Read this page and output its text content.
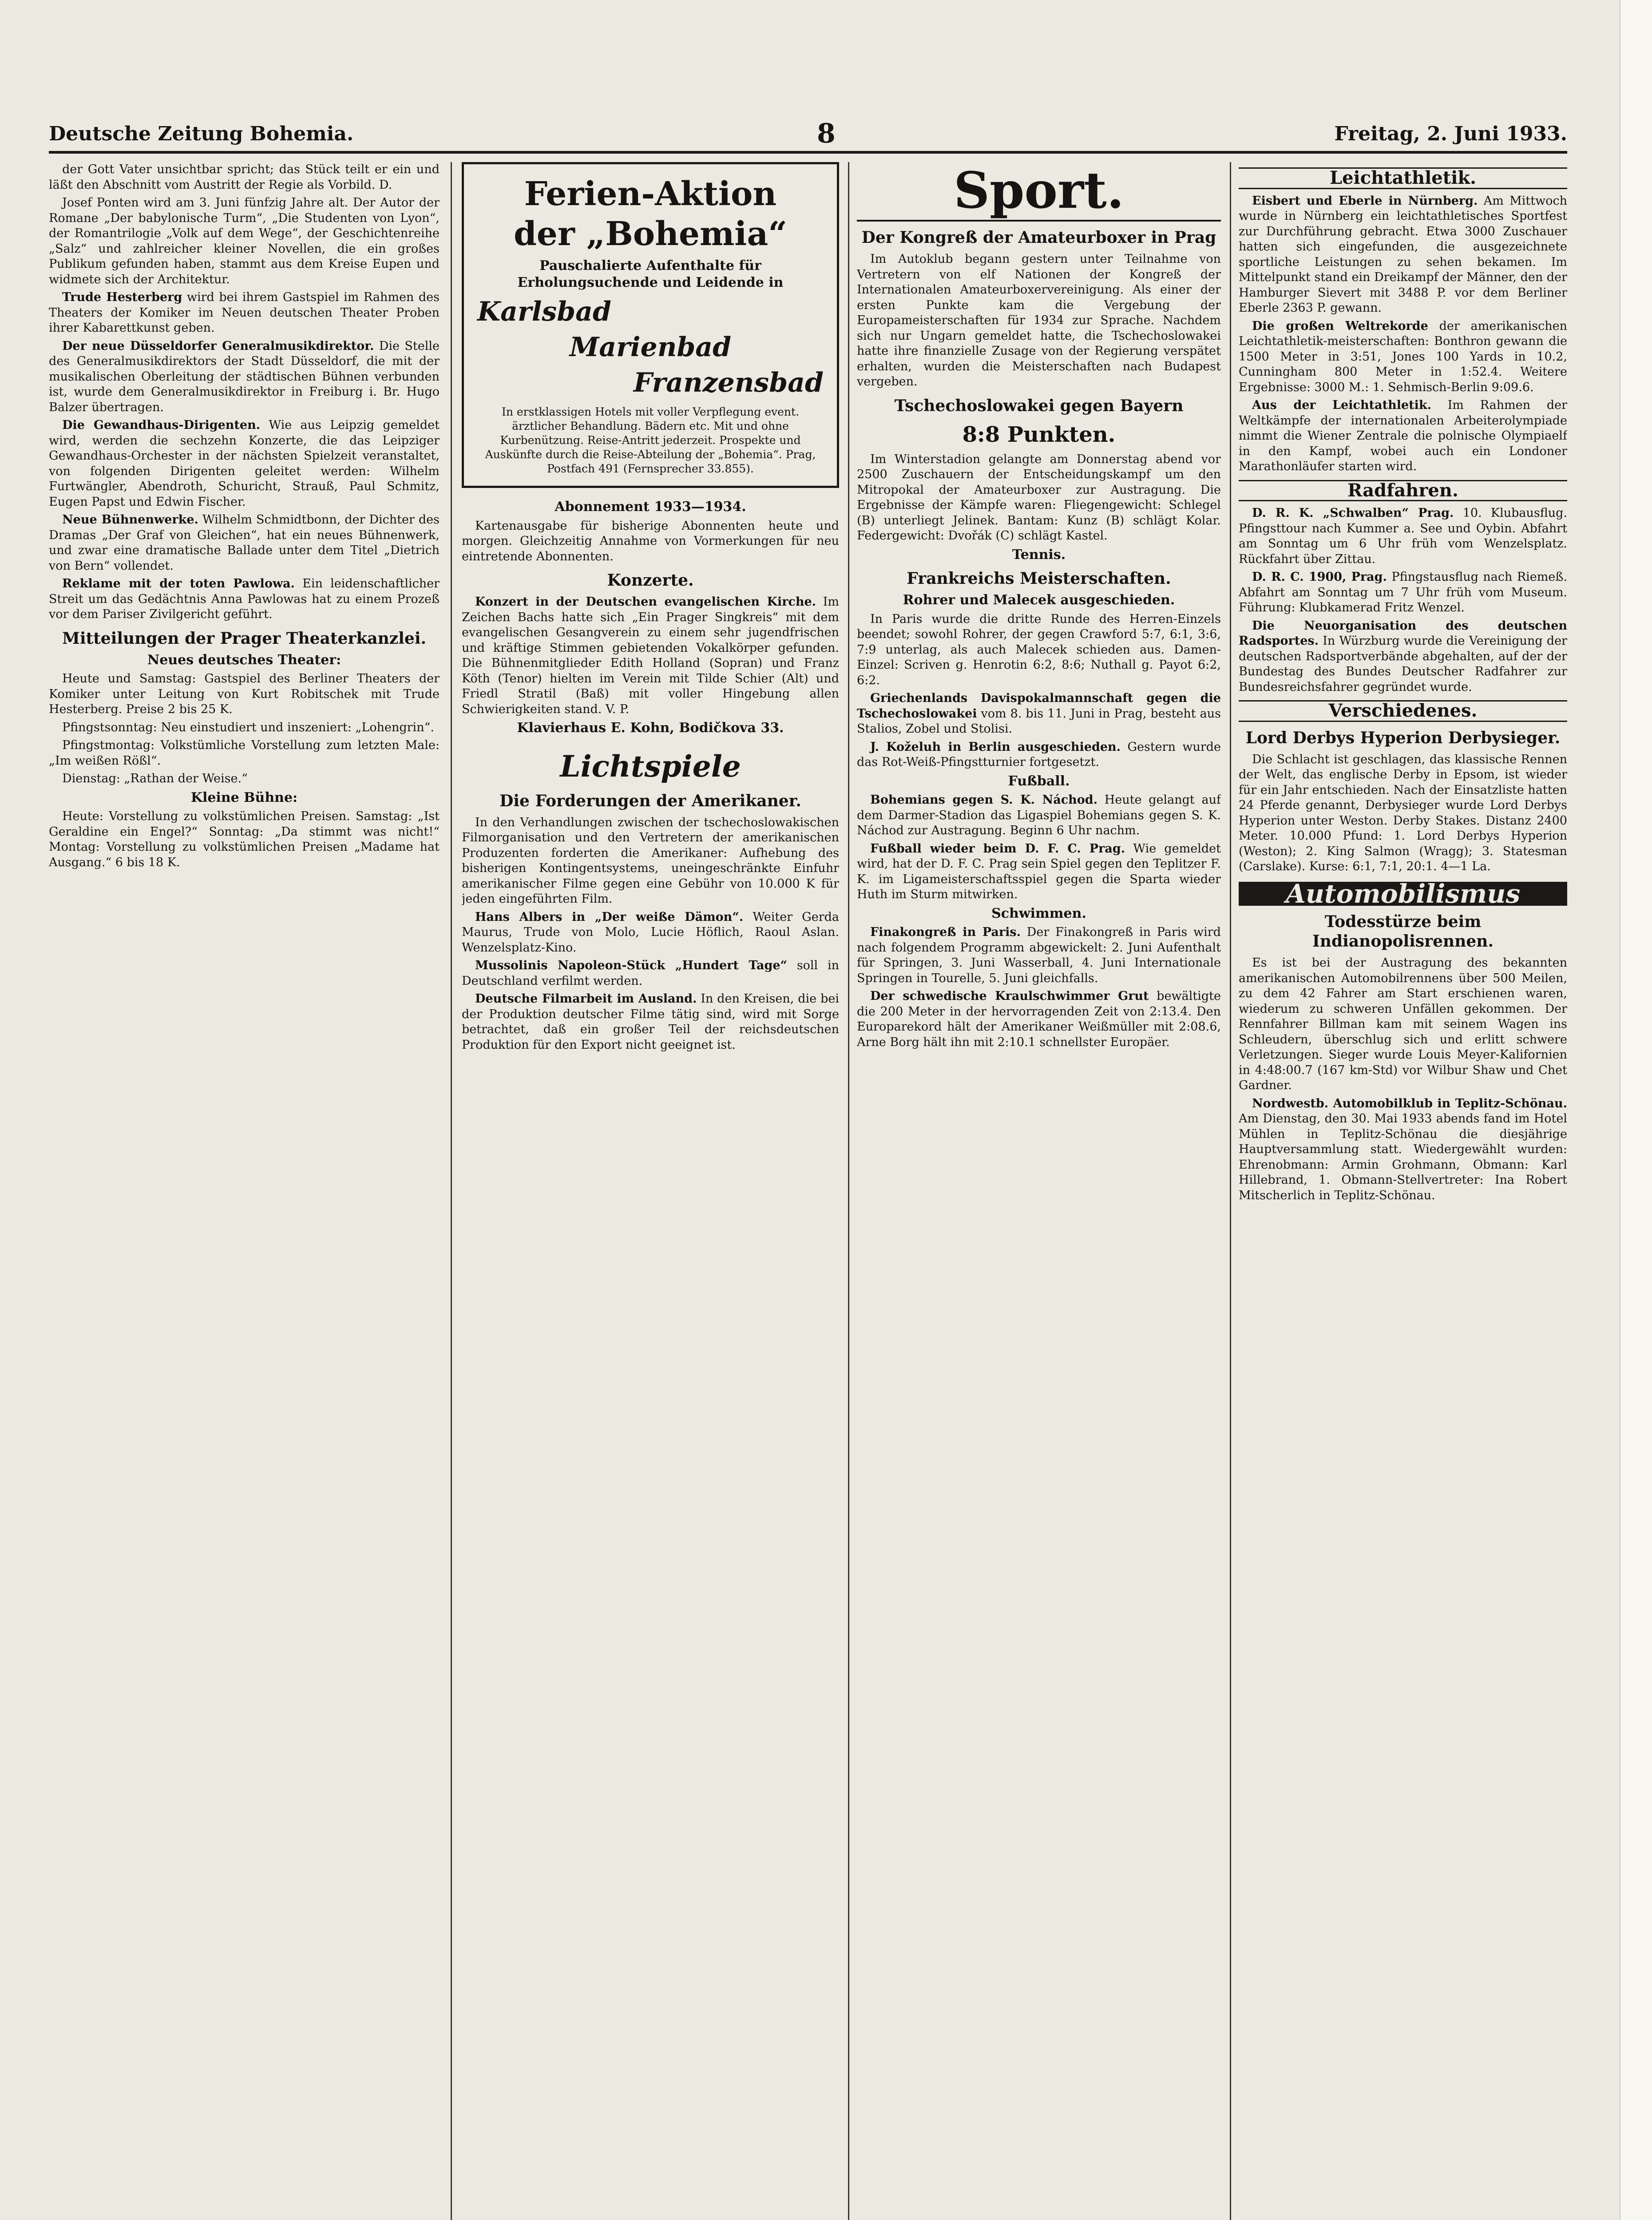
Deutsche Zeitung Bohemia.	8	Freitag, 2. Juni 1933.

der Gott Vater unsichtbar spricht; das Stück teilt er ein und läßt den Abschnitt vom Austritt der Regie als Vorbild. D.

Josef Ponten wird am 3. Juni fünfzig Jahre alt. Der Autor der Romane „Der babylonische Turm“, „Die Studenten von Lyon“, der Romantrilogie „Volk auf dem Wege“, der Geschichtenreihe „Salz“ und zahlreicher kleiner Novellen, die ein großes Publikum gefunden haben, stammt aus dem Kreise Eupen und widmete sich der Architektur.

Trude Hesterberg wird bei ihrem Gastspiel im Rahmen des Theaters der Komiker im Neuen deutschen Theater Proben ihrer Kabarettkunst geben.

Der neue Düsseldorfer Generalmusikdirektor. Die Stelle des Generalmusikdirektors der Stadt Düsseldorf, die mit der musikalischen Oberleitung der städtischen Bühnen verbunden ist, wurde dem Generalmusikdirektor in Freiburg i. Br. Hugo Balzer übertragen.

Die Gewandhaus-Dirigenten. Wie aus Leipzig gemeldet wird, werden die sechzehn Konzerte, die das Leipziger Gewandhaus-Orchester in der nächsten Spielzeit veranstaltet, von folgenden Dirigenten geleitet werden: Wilhelm Furtwängler, Abendroth, Schuricht, Strauß, Paul Schmitz, Eugen Papst und Edwin Fischer.

Neue Bühnenwerke. Wilhelm Schmidtbonn, der Dichter des Dramas „Der Graf von Gleichen“, hat ein neues Bühnenwerk, und zwar eine dramatische Ballade unter dem Titel „Dietrich von Bern“ vollendet.

Reklame mit der toten Pawlowa. Ein leidenschaftlicher Streit um das Gedächtnis Anna Pawlowas hat zu einem Prozeß vor dem Pariser Zivilgericht geführt.

Mitteilungen der Prager Theaterkanzlei.
Neues deutsches Theater:

Heute und Samstag: Gastspiel des Berliner Theaters der Komiker unter Leitung von Kurt Robitschek mit Trude Hesterberg. Preise 2 bis 25 K.

Pfingstsonntag: Neu einstudiert und inszeniert: „Lohengrin“.

Pfingstmontag: Volkstümliche Vorstellung zum letzten Male: „Im weißen Rößl“.

Dienstag: „Rathan der Weise.“

Kleine Bühne:

Heute: Vorstellung zu volkstümlichen Preisen. Samstag: „Ist Geraldine ein Engel?“ Sonntag: „Da stimmt was nicht!“ Montag: Vorstellung zu volkstümlichen Preisen „Madame hat Ausgang.“ 6 bis 18 K.

Ferien-Aktion
der „Bohemia“
Pauschalierte Aufenthalte für Erholungsuchende und Leidende in
Karlsbad
Marienbad
Franzensbad
In erstklassigen Hotels mit voller Verpflegung event. ärztlicher Behandlung. Bädern etc. Mit und ohne Kurbenützung. Reise-Antritt jederzeit. Prospekte und Auskünfte durch die Reise-Abteilung der „Bohemia“. Prag, Postfach 491 (Fernsprecher 33.855).
Abonnement 1933—1934.

Kartenausgabe für bisherige Abonnenten heute und morgen. Gleichzeitig Annahme von Vormerkungen für neu eintretende Abonnenten.

Konzerte.

Konzert in der Deutschen evangelischen Kirche. Im Zeichen Bachs hatte sich „Ein Prager Singkreis“ mit dem evangelischen Gesangverein zu einem sehr jugendfrischen und kräftige Stimmen gebietenden Vokalkörper gefunden. Die Bühnenmitglieder Edith Holland (Sopran) und Franz Köth (Tenor) hielten im Verein mit Tilde Schier (Alt) und Friedl Stratil (Baß) mit voller Hingebung allen Schwierigkeiten stand. V. P.

Klavierhaus E. Kohn, Bodičkova 33.
Lichtspiele
Die Forderungen der Amerikaner.

In den Verhandlungen zwischen der tschechoslowakischen Filmorganisation und den Vertretern der amerikanischen Produzenten forderten die Amerikaner: Aufhebung des bisherigen Kontingentsystems, uneingeschränkte Einfuhr amerikanischer Filme gegen eine Gebühr von 10.000 K für jeden eingeführten Film.

Hans Albers in „Der weiße Dämon“. Weiter Gerda Maurus, Trude von Molo, Lucie Höflich, Raoul Aslan. Wenzelsplatz-Kino.

Mussolinis Napoleon-Stück „Hundert Tage“ soll in Deutschland verfilmt werden.

Deutsche Filmarbeit im Ausland. In den Kreisen, die bei der Produktion deutscher Filme tätig sind, wird mit Sorge betrachtet, daß ein großer Teil der reichsdeutschen Produktion für den Export nicht geeignet ist.

Sport.
Der Kongreß der Amateurboxer in Prag

Im Autoklub begann gestern unter Teilnahme von Vertretern von elf Nationen der Kongreß der Internationalen Amateurboxervereinigung. Als einer der ersten Punkte kam die Vergebung der Europameisterschaften für 1934 zur Sprache. Nachdem sich nur Ungarn gemeldet hatte, die Tschechoslowakei hatte ihre finanzielle Zusage von der Regierung verspätet erhalten, wurden die Meisterschaften nach Budapest vergeben.

Tschechoslowakei gegen Bayern
8:8 Punkten.

Im Winterstadion gelangte am Donnerstag abend vor 2500 Zuschauern der Entscheidungskampf um den Mitropokal der Amateurboxer zur Austragung. Die Ergebnisse der Kämpfe waren: Fliegengewicht: Schlegel (B) unterliegt Jelinek. Bantam: Kunz (B) schlägt Kolar. Federgewicht: Dvořák (C) schlägt Kastel.

Tennis.
Frankreichs Meisterschaften.
Rohrer und Malecek ausgeschieden.

In Paris wurde die dritte Runde des Herren-Einzels beendet; sowohl Rohrer, der gegen Crawford 5:7, 6:1, 3:6, 7:9 unterlag, als auch Malecek schieden aus. Damen-Einzel: Scriven g. Henrotin 6:2, 8:6; Nuthall g. Payot 6:2, 6:2.

Griechenlands Davispokalmannschaft gegen die Tschechoslowakei vom 8. bis 11. Juni in Prag, besteht aus Stalios, Zobel und Stolisi.

J. Koželuh in Berlin ausgeschieden. Gestern wurde das Rot-Weiß-Pfingstturnier fortgesetzt.

Fußball.

Bohemians gegen S. K. Náchod. Heute gelangt auf dem Darmer-Stadion das Ligaspiel Bohemians gegen S. K. Náchod zur Austragung. Beginn 6 Uhr nachm.

Fußball wieder beim D. F. C. Prag. Wie gemeldet wird, hat der D. F. C. Prag sein Spiel gegen den Teplitzer F. K. im Ligameisterschaftsspiel gegen die Sparta wieder Huth im Sturm mitwirken.

Schwimmen.

Finakongreß in Paris. Der Finakongreß in Paris wird nach folgendem Programm abgewickelt: 2. Juni Aufenthalt für Springen, 3. Juni Wasserball, 4. Juni Internationale Springen in Tourelle, 5. Juni gleichfalls.

Der schwedische Kraulschwimmer Grut bewältigte die 200 Meter in der hervorragenden Zeit von 2:13.4. Den Europarekord hält der Amerikaner Weißmüller mit 2:08.6, Arne Borg hält ihn mit 2:10.1 schnellster Europäer.

Leichtathletik.

Eisbert und Eberle in Nürnberg. Am Mittwoch wurde in Nürnberg ein leichtathletisches Sportfest zur Durchführung gebracht. Etwa 3000 Zuschauer hatten sich eingefunden, die ausgezeichnete sportliche Leistungen zu sehen bekamen. Im Mittelpunkt stand ein Dreikampf der Männer, den der Hamburger Sievert mit 3488 P. vor dem Berliner Eberle 2363 P. gewann.

Die großen Weltrekorde der amerikanischen Leichtathletik-meisterschaften: Bonthron gewann die 1500 Meter in 3:51, Jones 100 Yards in 10.2, Cunningham 800 Meter in 1:52.4. Weitere Ergebnisse: 3000 M.: 1. Sehmisch-Berlin 9:09.6.

Aus der Leichtathletik. Im Rahmen der Weltkämpfe der internationalen Arbeiterolympiade nimmt die Wiener Zentrale die polnische Olympiaelf in den Kampf, wobei auch ein Londoner Marathonläufer starten wird.

Radfahren.

D. R. K. „Schwalben“ Prag. 10. Klubausflug. Pfingsttour nach Kummer a. See und Oybin. Abfahrt am Sonntag um 6 Uhr früh vom Wenzelsplatz. Rückfahrt über Zittau.

D. R. C. 1900, Prag. Pfingstausflug nach Riemeß. Abfahrt am Sonntag um 7 Uhr früh vom Museum. Führung: Klubkamerad Fritz Wenzel.

Die Neuorganisation des deutschen Radsportes. In Würzburg wurde die Vereinigung der deutschen Radsportverbände abgehalten, auf der der Bundestag des Bundes Deutscher Radfahrer zur Bundesreichsfahrer gegründet wurde.

Verschiedenes.
Lord Derbys Hyperion Derbysieger.

Die Schlacht ist geschlagen, das klassische Rennen der Welt, das englische Derby in Epsom, ist wieder für ein Jahr entschieden. Nach der Einsatzliste hatten 24 Pferde genannt, Derbysieger wurde Lord Derbys Hyperion unter Weston. Derby Stakes. Distanz 2400 Meter. 10.000 Pfund: 1. Lord Derbys Hyperion (Weston); 2. King Salmon (Wragg); 3. Statesman (Carslake). Kurse: 6:1, 7:1, 20:1. 4—1 La.

Automobilismus
Todesstürze beim Indianopolisrennen.

Es ist bei der Austragung des bekannten amerikanischen Automobilrennens über 500 Meilen, zu dem 42 Fahrer am Start erschienen waren, wiederum zu schweren Unfällen gekommen. Der Rennfahrer Billman kam mit seinem Wagen ins Schleudern, überschlug sich und erlitt schwere Verletzungen. Sieger wurde Louis Meyer-Kalifornien in 4:48:00.7 (167 km-Std) vor Wilbur Shaw und Chet Gardner.

Nordwestb. Automobilklub in Teplitz-Schönau. Am Dienstag, den 30. Mai 1933 abends fand im Hotel Mühlen in Teplitz-Schönau die diesjährige Hauptversammlung statt. Wiedergewählt wurden: Ehrenobmann: Armin Grohmann, Obmann: Karl Hillebrand, 1. Obmann-Stellvertreter: Ina Robert Mitscherlich in Teplitz-Schönau.
